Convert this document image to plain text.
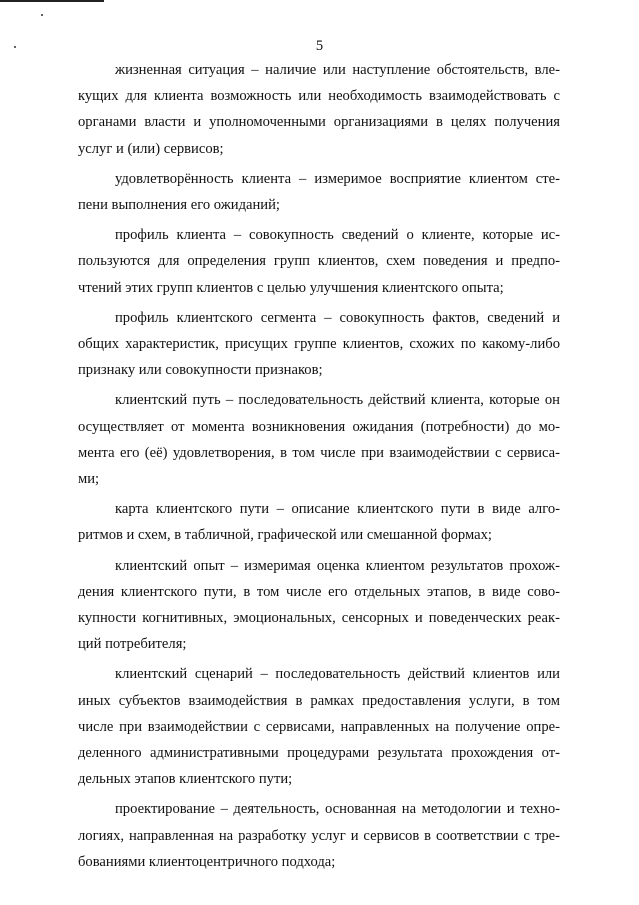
5

жизненная ситуация – наличие или наступление обстоятельств, вле-
кущих для клиента возможность или необходимость взаимодействовать с
органами власти и уполномоченными организациями в целях получения
услуг и (или) сервисов;

удовлетворённость клиента – измеримое восприятие клиентом сте-
пени выполнения его ожиданий;

профиль клиента – совокупность сведений о клиенте, которые ис-
пользуются для определения групп клиентов, схем поведения и предпо-
чтений этих групп клиентов с целью улучшения клиентского опыта;

профиль клиентского сегмента – совокупность фактов, сведений и
общих характеристик, присущих группе клиентов, схожих по какому-либо
признаку или совокупности признаков;

клиентский путь – последовательность действий клиента, которые он
осуществляет от момента возникновения ожидания (потребности) до мо-
мента его (её) удовлетворения, в том числе при взаимодействии с сервиса-
ми;

карта клиентского пути – описание клиентского пути в виде алго-
ритмов и схем, в табличной, графической или смешанной формах;

клиентский опыт – измеримая оценка клиентом результатов прохож-
дения клиентского пути, в том числе его отдельных этапов, в виде сово-
купности когнитивных, эмоциональных, сенсорных и поведенческих реак-
ций потребителя;

клиентский сценарий – последовательность действий клиентов или
иных субъектов взаимодействия в рамках предоставления услуги, в том
числе при взаимодействии с сервисами, направленных на получение опре-
деленного административными процедурами результата прохождения от-
дельных этапов клиентского пути;

проектирование – деятельность, основанная на методологии и техно-
логиях, направленная на разработку услуг и сервисов в соответствии с тре-
бованиями клиентоцентричного подхода;
